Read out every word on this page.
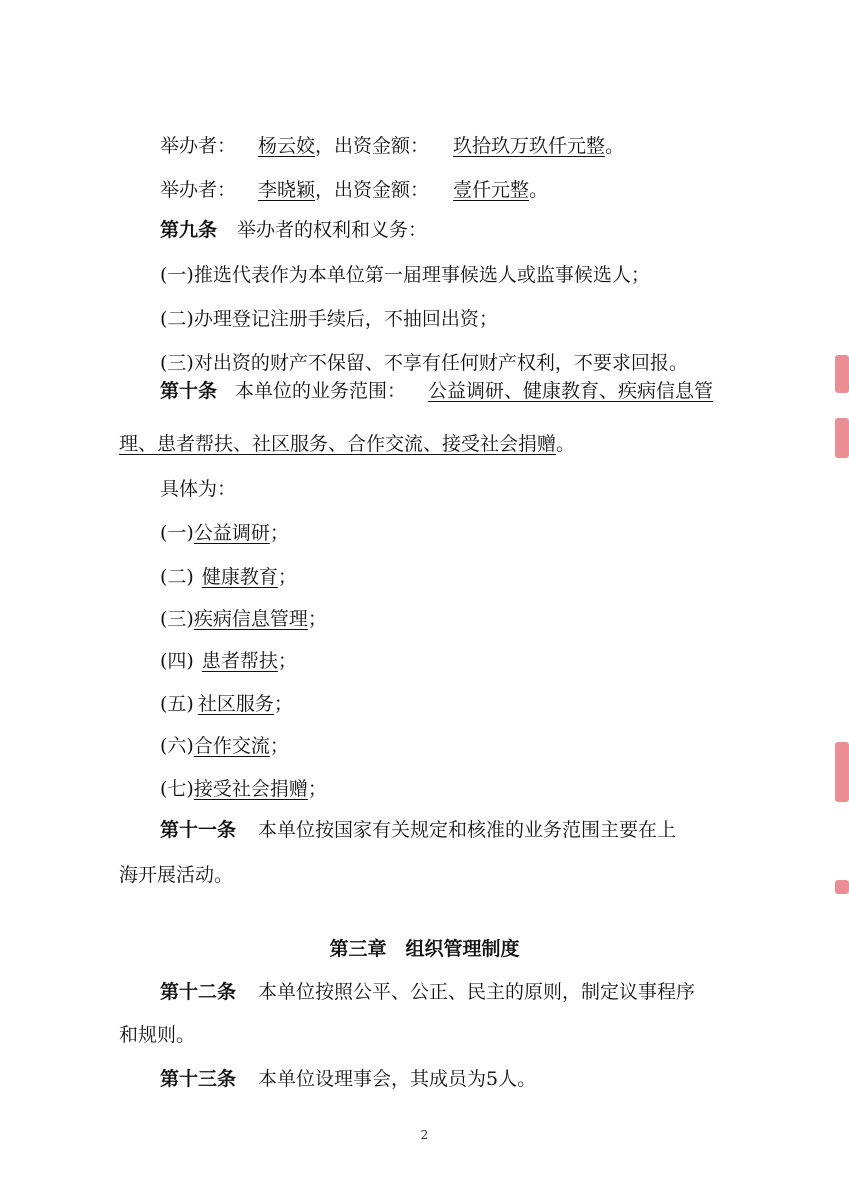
举办者： 杨云姣，出资金额： 玖拾玖万玖仟元整。
举办者： 李晓颖，出资金额： 壹仟元整。
第九条 举办者的权利和义务：
(一)推选代表作为本单位第一届理事候选人或监事候选人；
(二)办理登记注册手续后，不抽回出资；
(三)对出资的财产不保留、不享有任何财产权利，不要求回报。
第十条 本单位的业务范围： 公益调研、健康教育、疾病信息管
理、患者帮扶、社区服务、合作交流、接受社会捐赠。
具体为：
(一)公益调研；
(二) 健康教育；
(三)疾病信息管理；
(四) 患者帮扶；
(五) 社区服务；
(六)合作交流；
(七)接受社会捐赠；
第十一条 本单位按国家有关规定和核准的业务范围主要在上
海开展活动。
第三章　组织管理制度
第十二条 本单位按照公平、公正、民主的原则，制定议事程序
和规则。
第十三条 本单位设理事会，其成员为5人。
2
